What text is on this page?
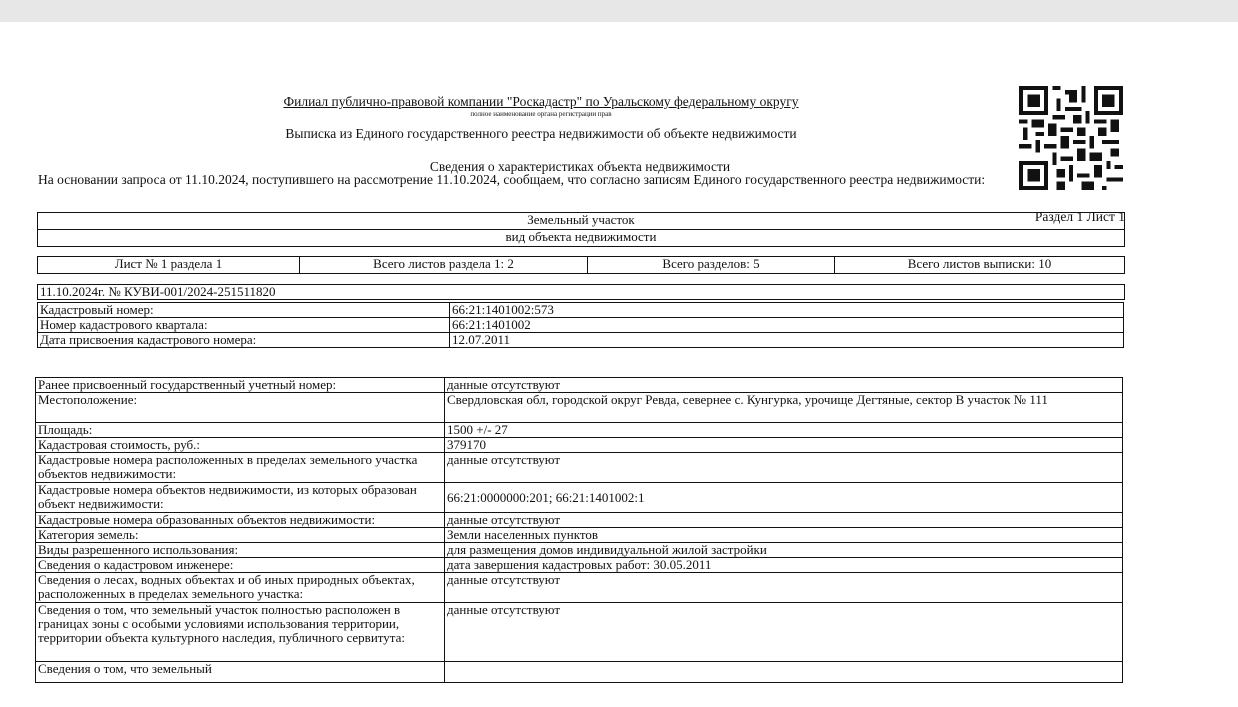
Филиал публично-правовой компании "Роскадастр" по Уральскому федеральному округу
полное наименование органа регистрации прав
Выписка из Единого государственного реестра недвижимости об объекте недвижимости
Сведения о характеристиках объекта недвижимости
На основании запроса от 11.10.2024, поступившего на рассмотрение 11.10.2024, сообщаем, что согласно записям Единого государственного реестра недвижимости:
Раздел 1 Лист 1
Земельный участок
вид объекта недвижимости
Лист № 1 раздела 1	Всего листов раздела 1: 2	Всего разделов: 5	Всего листов выписки: 10
11.10.2024г. № КУВИ-001/2024-251511820
Кадастровый номер:	66:21:1401002:573
Номер кадастрового квартала:	66:21:1401002
Дата присвоения кадастрового номера:	12.07.2011
Ранее присвоенный государственный учетный номер:	данные отсутствуют
Местоположение:	Свердловская обл, городской округ Ревда, севернее с. Кунгурка, урочище Дегтяные, сектор В участок № 111
Площадь:	1500 +/- 27
Кадастровая стоимость, руб.:	379170
Кадастровые номера расположенных в пределах земельного участка объектов недвижимости:	данные отсутствуют
Кадастровые номера объектов недвижимости, из которых образован объект недвижимости:	66:21:0000000:201; 66:21:1401002:1
Кадастровые номера образованных объектов недвижимости:	данные отсутствуют
Категория земель:	Земли населенных пунктов
Виды разрешенного использования:	для размещения домов индивидуальной жилой застройки
Сведения о кадастровом инженере:	дата завершения кадастровых работ: 30.05.2011
Сведения о лесах, водных объектах и об иных природных объектах, расположенных в пределах земельного участка:	данные отсутствуют
Сведения о том, что земельный участок полностью расположен в границах зоны с особыми условиями использования территории, территории объекта культурного наследия, публичного сервитута:	данные отсутствуют
Сведения о том, что земельный	
